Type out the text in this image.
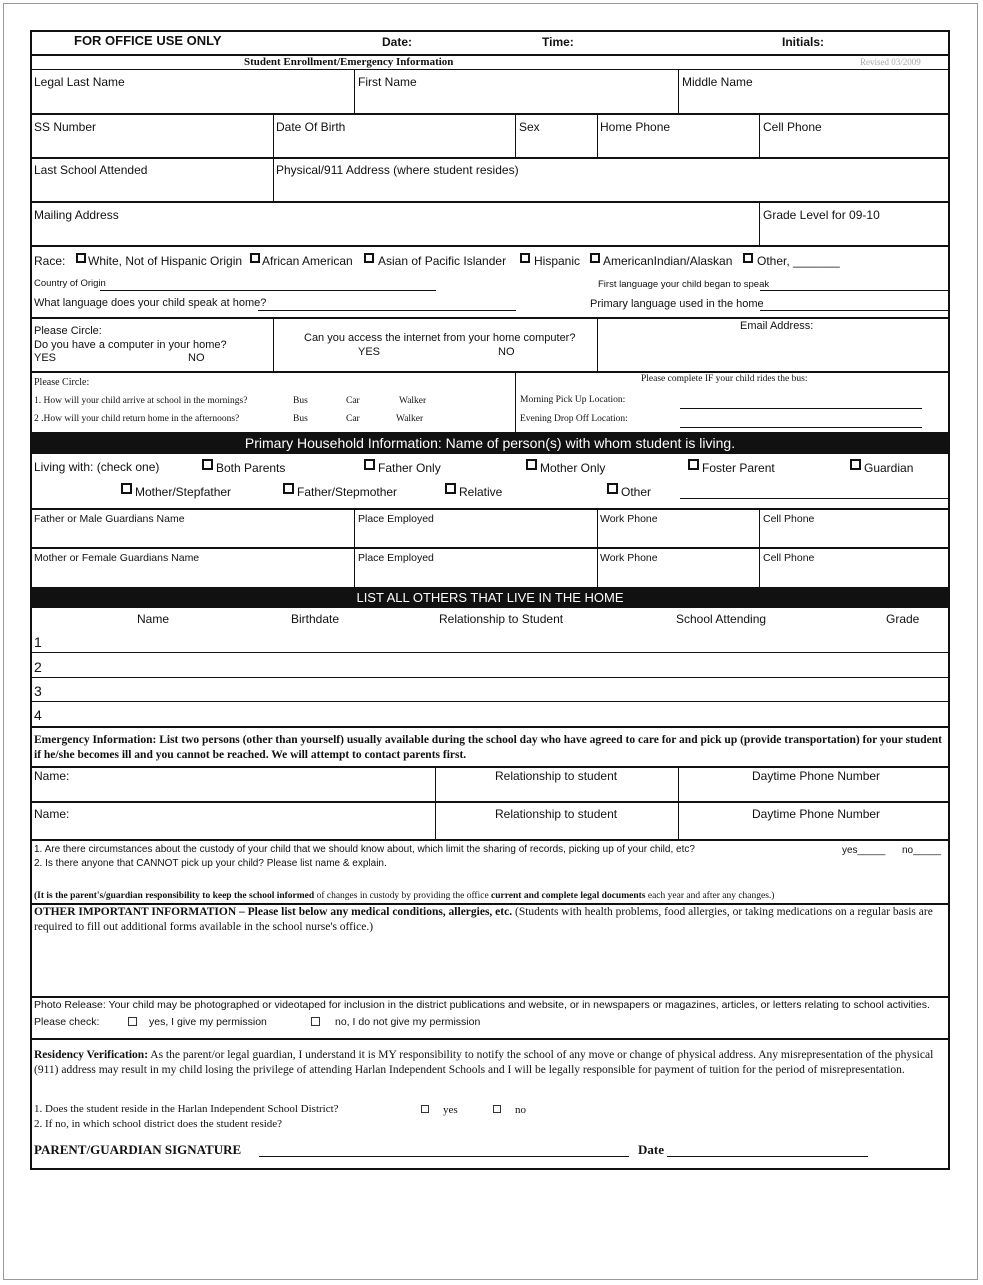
FOR OFFICE USE ONLY	Date:	Time:	Initials:
Student Enrollment/Emergency Information	Revised 03/2009
Legal Last Name	First Name	Middle Name
SS Number	Date Of Birth	Sex	Home Phone	Cell Phone
Last School Attended	Physical/911 Address (where student resides)
Mailing Address	Grade Level for 09-10
Race: White, Not of Hispanic Origin African American Asian of Pacific Islander Hispanic AmericanIndian/Alaskan Other, _______
Country of Origin	First language your child began to speak
What language does your child speak at home?	Primary language used in the home
Please Circle:
Do you have a computer in your home?
YES	NO
Can you access the internet from your home computer?
YES	NO
Email Address:
Please Circle:
1. How will your child arrive at school in the mornings?	Bus	Car	Walker
2 .How will your child return home in the afternoons?	Bus	Car	Walker
Please complete IF your child rides the bus:
Morning Pick Up Location:
Evening Drop Off Location:
Primary Household Information: Name of person(s) with whom student is living.
Living with: (check one)	Both Parents	Father Only	Mother Only	Foster Parent	Guardian
Mother/Stepfather	Father/Stepmother	Relative	Other
Father or Male Guardians Name	Place Employed	Work Phone	Cell Phone
Mother or Female Guardians Name	Place Employed	Work Phone	Cell Phone
LIST ALL OTHERS THAT LIVE IN THE HOME
Name	Birthdate	Relationship to Student	School Attending	Grade
1
2
3
4
Emergency Information: List two persons (other than yourself) usually available during the school day who have agreed to care for and pick up (provide transportation) for your student if he/she becomes ill and you cannot be reached. We will attempt to contact parents first.
Name:	Relationship to student	Daytime Phone Number
Name:	Relationship to student	Daytime Phone Number
1. Are there circumstances about the custody of your child that we should know about, which limit the sharing of records, picking up of your child, etc?	yes_____ no_____
2. Is there anyone that CANNOT pick up your child? Please list name & explain.
(It is the parent's/guardian responsibility to keep the school informed of changes in custody by providing the office current and complete legal documents each year and after any changes.)
OTHER IMPORTANT INFORMATION – Please list below any medical conditions, allergies, etc. (Students with health problems, food allergies, or taking medications on a regular basis are required to fill out additional forms available in the school nurse's office.)
Photo Release: Your child may be photographed or videotaped for inclusion in the district publications and website, or in newspapers or magazines, articles, or letters relating to school activities.
Please check:	yes, I give my permission	no, I do not give my permission
Residency Verification: As the parent/or legal guardian, I understand it is MY responsibility to notify the school of any move or change of physical address. Any misrepresentation of the physical (911) address may result in my child losing the privilege of attending Harlan Independent Schools and I will be legally responsible for payment of tuition for the period of misrepresentation.
1. Does the student reside in the Harlan Independent School District?	yes	no
2. If no, in which school district does the student reside?
PARENT/GUARDIAN SIGNATURE	Date
